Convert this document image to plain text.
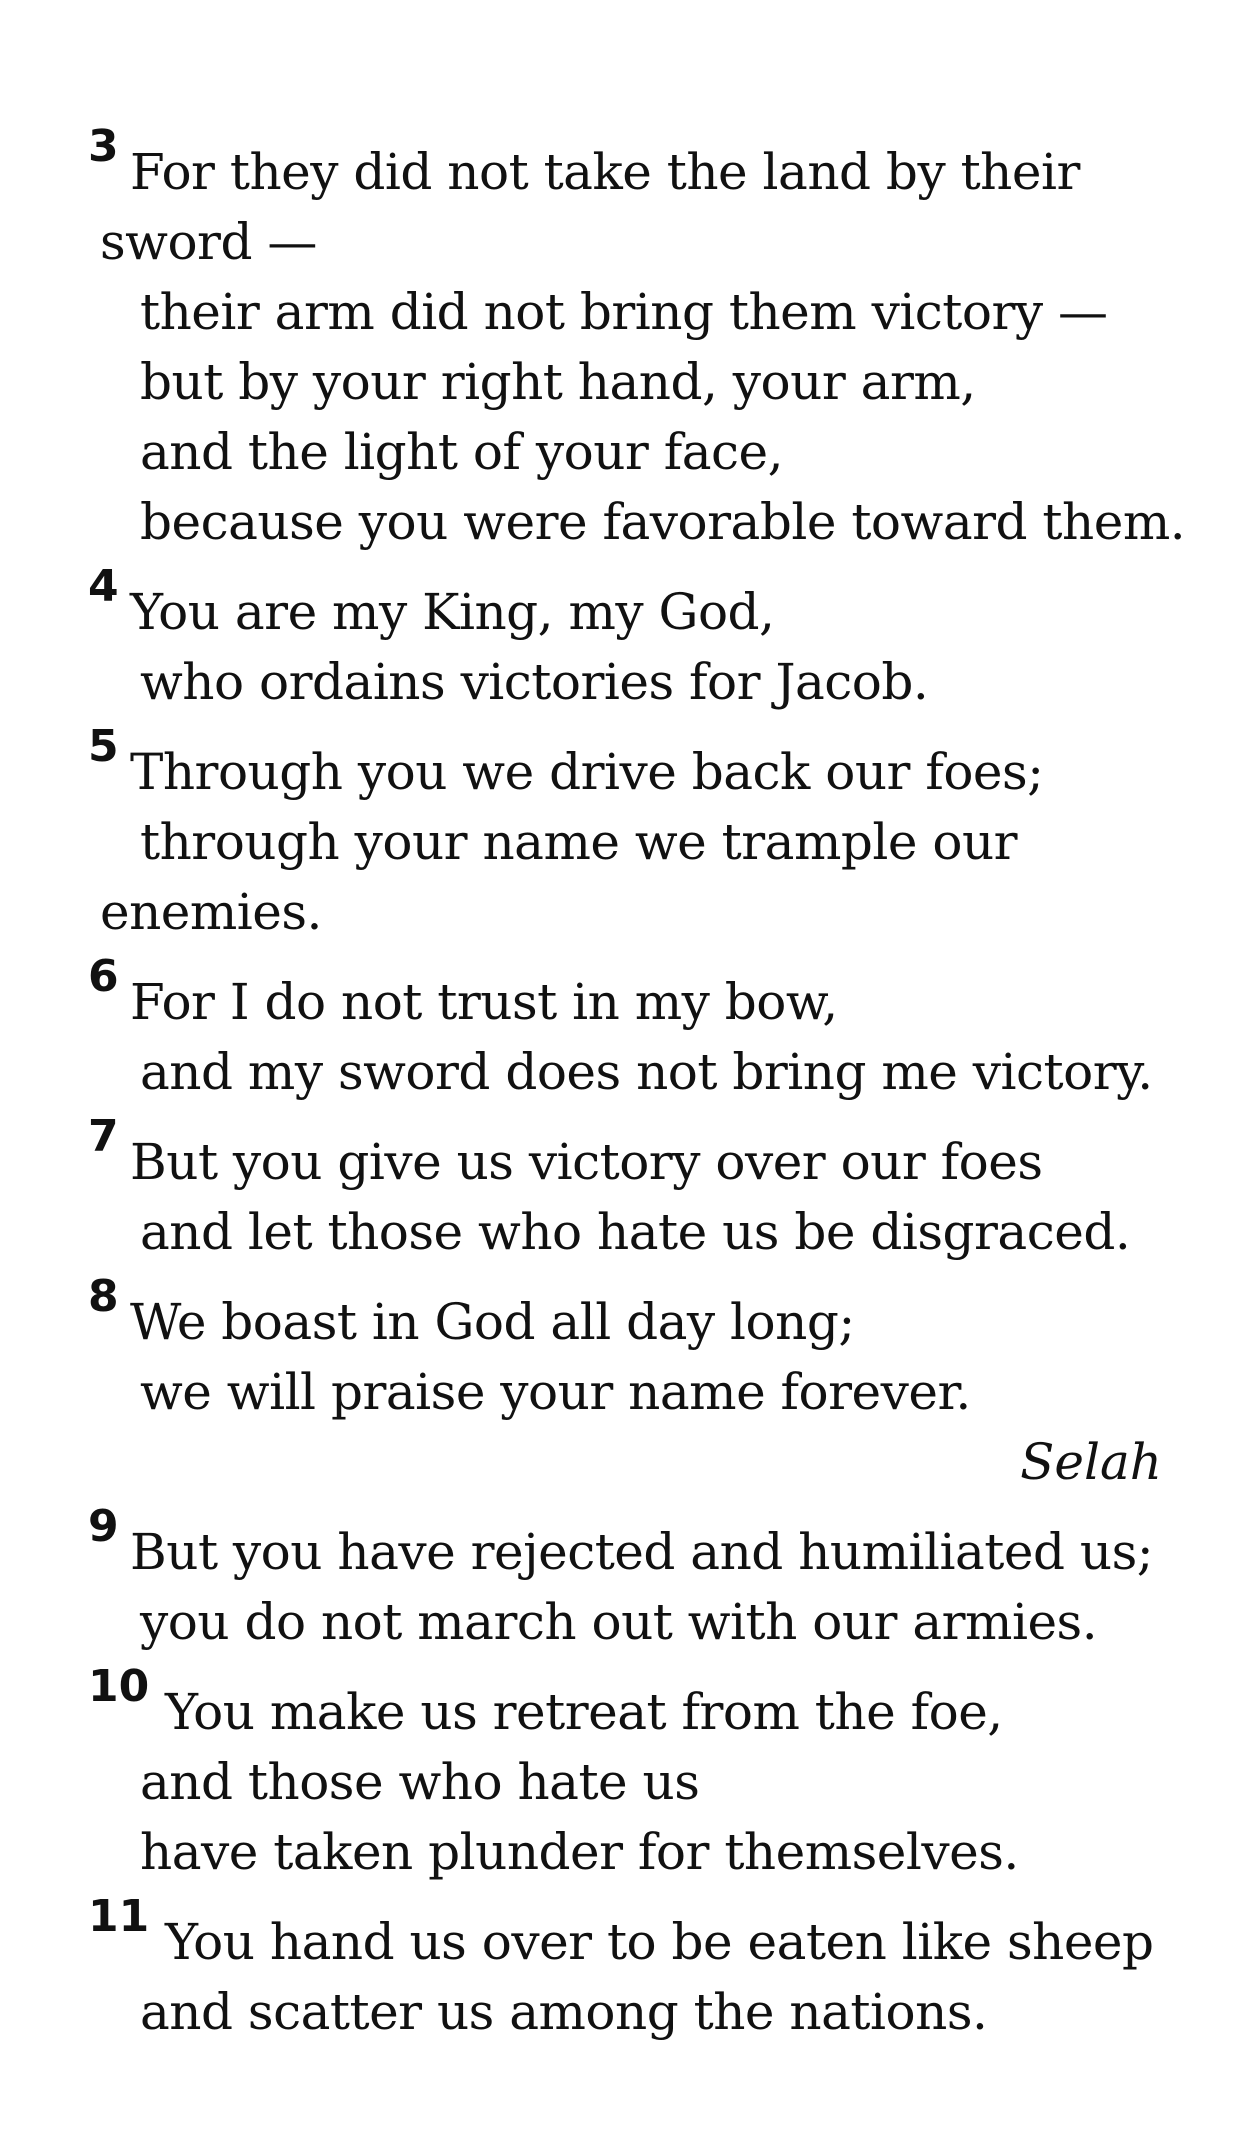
3 For they did not take the land by their
sword —
their arm did not bring them victory —
but by your right hand, your arm,
and the light of your face,
because you were favorable toward them.
4 You are my King, my God,
who ordains victories for Jacob.
5 Through you we drive back our foes;
through your name we trample our
enemies.
6 For I do not trust in my bow,
and my sword does not bring me victory.
7 But you give us victory over our foes
and let those who hate us be disgraced.
8 We boast in God all day long;
we will praise your name forever.
Selah
9 But you have rejected and humiliated us;
you do not march out with our armies.
10 You make us retreat from the foe,
and those who hate us
have taken plunder for themselves.
11 You hand us over to be eaten like sheep
and scatter us among the nations.
